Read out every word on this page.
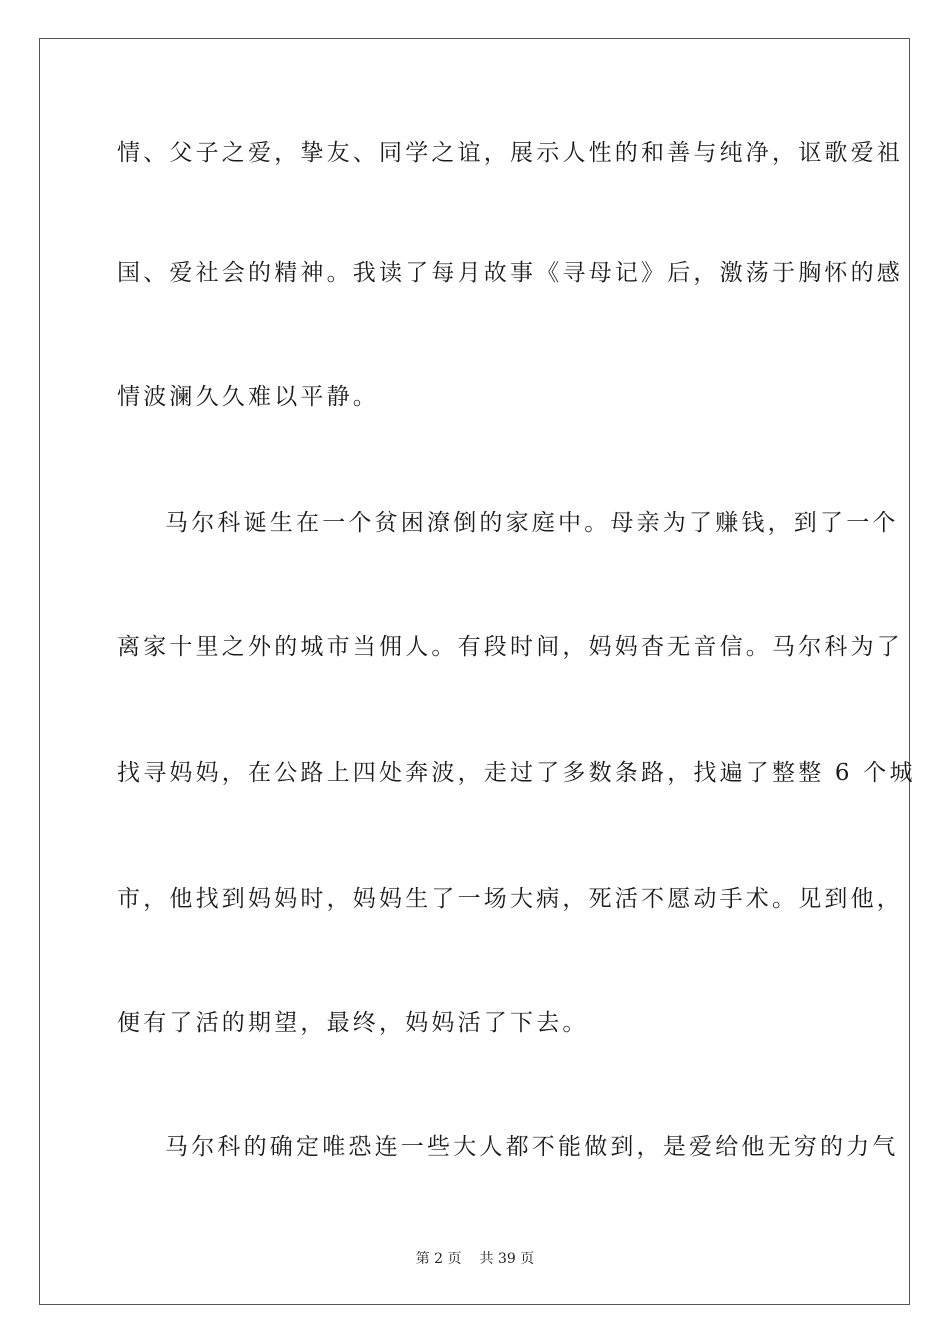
情、父子之爱，挚友、同学之谊，展示人性的和善与纯净，讴歌爱祖
国、爱社会的精神。我读了每月故事《寻母记》后，激荡于胸怀的感
情波澜久久难以平静。
马尔科诞生在一个贫困潦倒的家庭中。母亲为了赚钱，到了一个
离家十里之外的城市当佣人。有段时间，妈妈杳无音信。马尔科为了
找寻妈妈，在公路上四处奔波，走过了多数条路，找遍了整整 6 个城
市，他找到妈妈时，妈妈生了一场大病，死活不愿动手术。见到他，
便有了活的期望，最终，妈妈活了下去。
马尔科的确定唯恐连一些大人都不能做到，是爱给他无穷的力气
第 2 页 共 39 页
